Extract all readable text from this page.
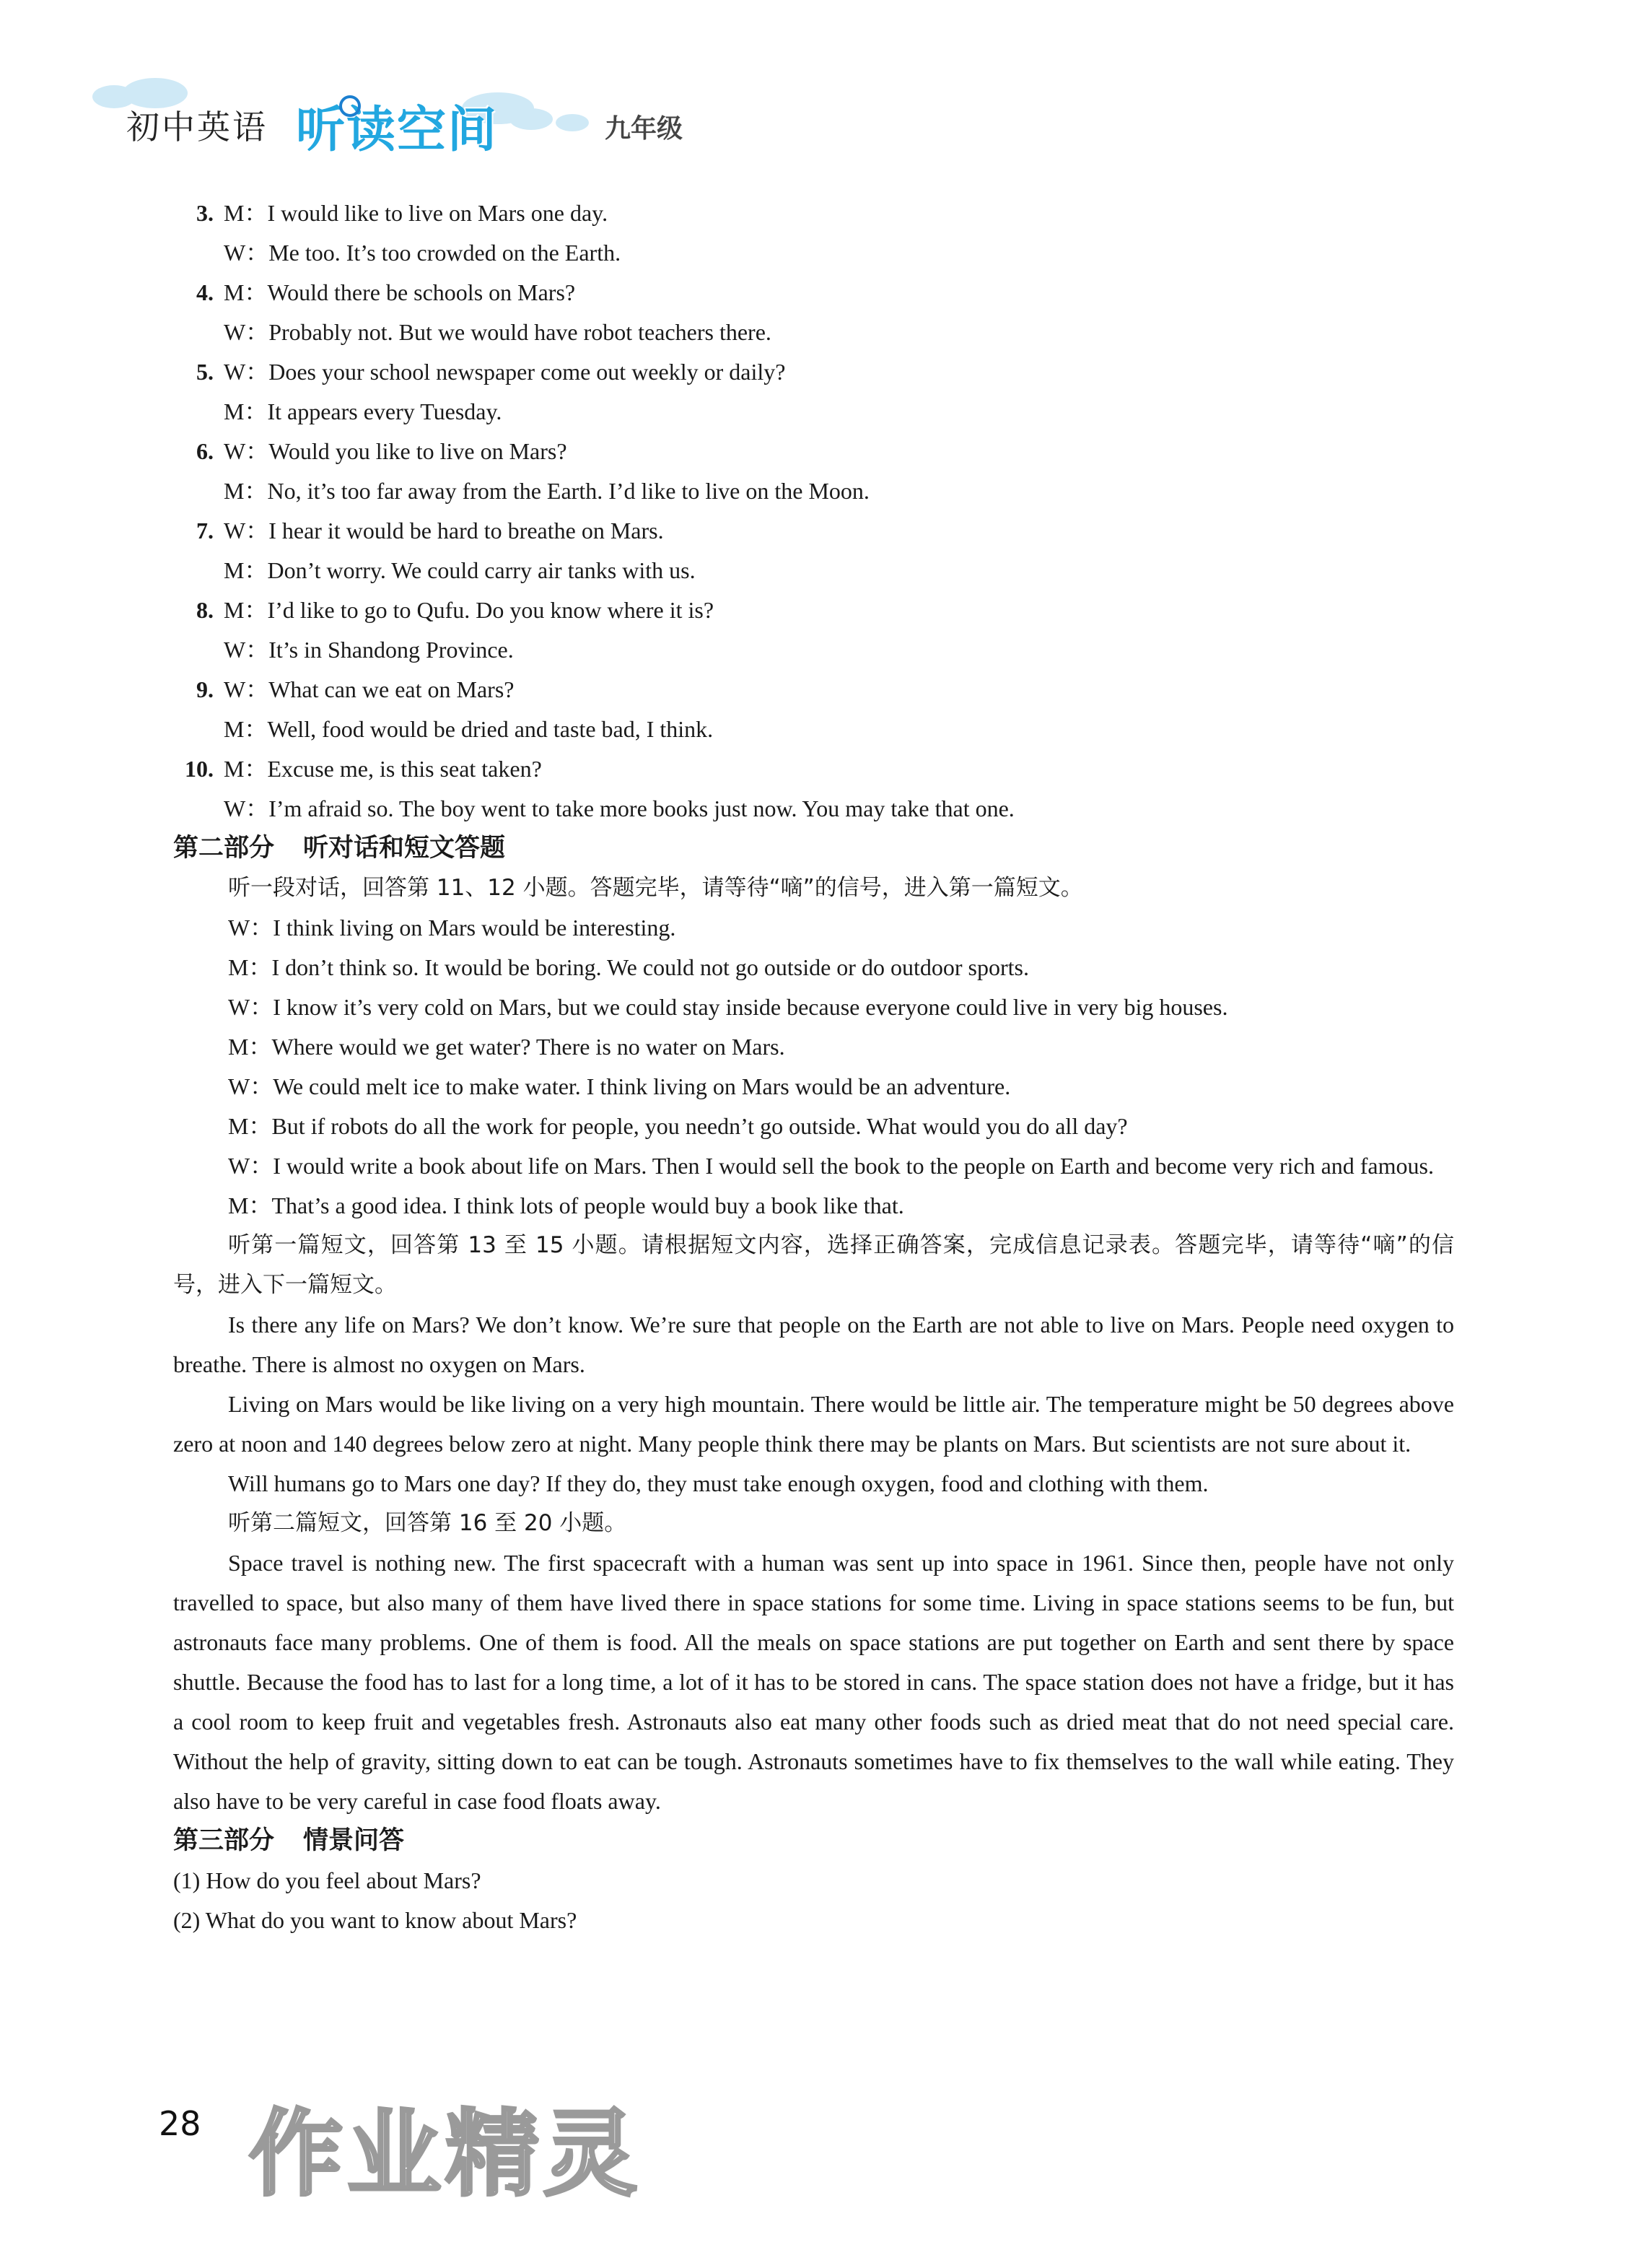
初中英语 听读空间	九年级
3. M：I would like to live on Mars one day.
W：Me too. It’s too crowded on the Earth.
4. M：Would there be schools on Mars?
W：Probably not. But we would have robot teachers there.
5. W：Does your school newspaper come out weekly or daily?
M：It appears every Tuesday.
6. W：Would you like to live on Mars?
M：No, it’s too far away from the Earth. I’d like to live on the Moon.
7. W：I hear it would be hard to breathe on Mars.
M：Don’t worry. We could carry air tanks with us.
8. M：I’d like to go to Qufu. Do you know where it is?
W：It’s in Shandong Province.
9. W：What can we eat on Mars?
M：Well, food would be dried and taste bad, I think.
10. M：Excuse me, is this seat taken?
W：I’m afraid so. The boy went to take more books just now. You may take that one.
第二部分 听对话和短文答题
听一段对话，回答第 11、12 小题。答题完毕，请等待“嘀”的信号，进入第一篇短文。
W：I think living on Mars would be interesting.
M：I don’t think so. It would be boring. We could not go outside or do outdoor sports.
W：I know it’s very cold on Mars, but we could stay inside because everyone could live in very big houses.
M：Where would we get water? There is no water on Mars.
W：We could melt ice to make water. I think living on Mars would be an adventure.
M：But if robots do all the work for people, you needn’t go outside. What would you do all day?
W：I would write a book about life on Mars. Then I would sell the book to the people on Earth and become very rich and famous.
M：That’s a good idea. I think lots of people would buy a book like that.
听第一篇短文，回答第 13 至 15 小题。请根据短文内容，选择正确答案，完成信息记录表。答题完毕，请等待“嘀”的信号，进入下一篇短文。
Is there any life on Mars? We don’t know. We’re sure that people on the Earth are not able to live on Mars. People need oxygen to breathe. There is almost no oxygen on Mars.
Living on Mars would be like living on a very high mountain. There would be little air. The temperature might be 50 degrees above zero at noon and 140 degrees below zero at night. Many people think there may be plants on Mars. But scientists are not sure about it.
Will humans go to Mars one day? If they do, they must take enough oxygen, food and clothing with them.
听第二篇短文，回答第 16 至 20 小题。
Space travel is nothing new. The first spacecraft with a human was sent up into space in 1961. Since then, people have not only travelled to space, but also many of them have lived there in space stations for some time. Living in space stations seems to be fun, but astronauts face many problems. One of them is food. All the meals on space stations are put together on Earth and sent there by space shuttle. Because the food has to last for a long time, a lot of it has to be stored in cans. The space station does not have a fridge, but it has a cool room to keep fruit and vegetables fresh. Astronauts also eat many other foods such as dried meat that do not need special care. Without the help of gravity, sitting down to eat can be tough. Astronauts sometimes have to fix themselves to the wall while eating. They also have to be very careful in case food floats away.
第三部分 情景问答
(1) How do you feel about Mars?
(2) What do you want to know about Mars?
28 作业精灵
